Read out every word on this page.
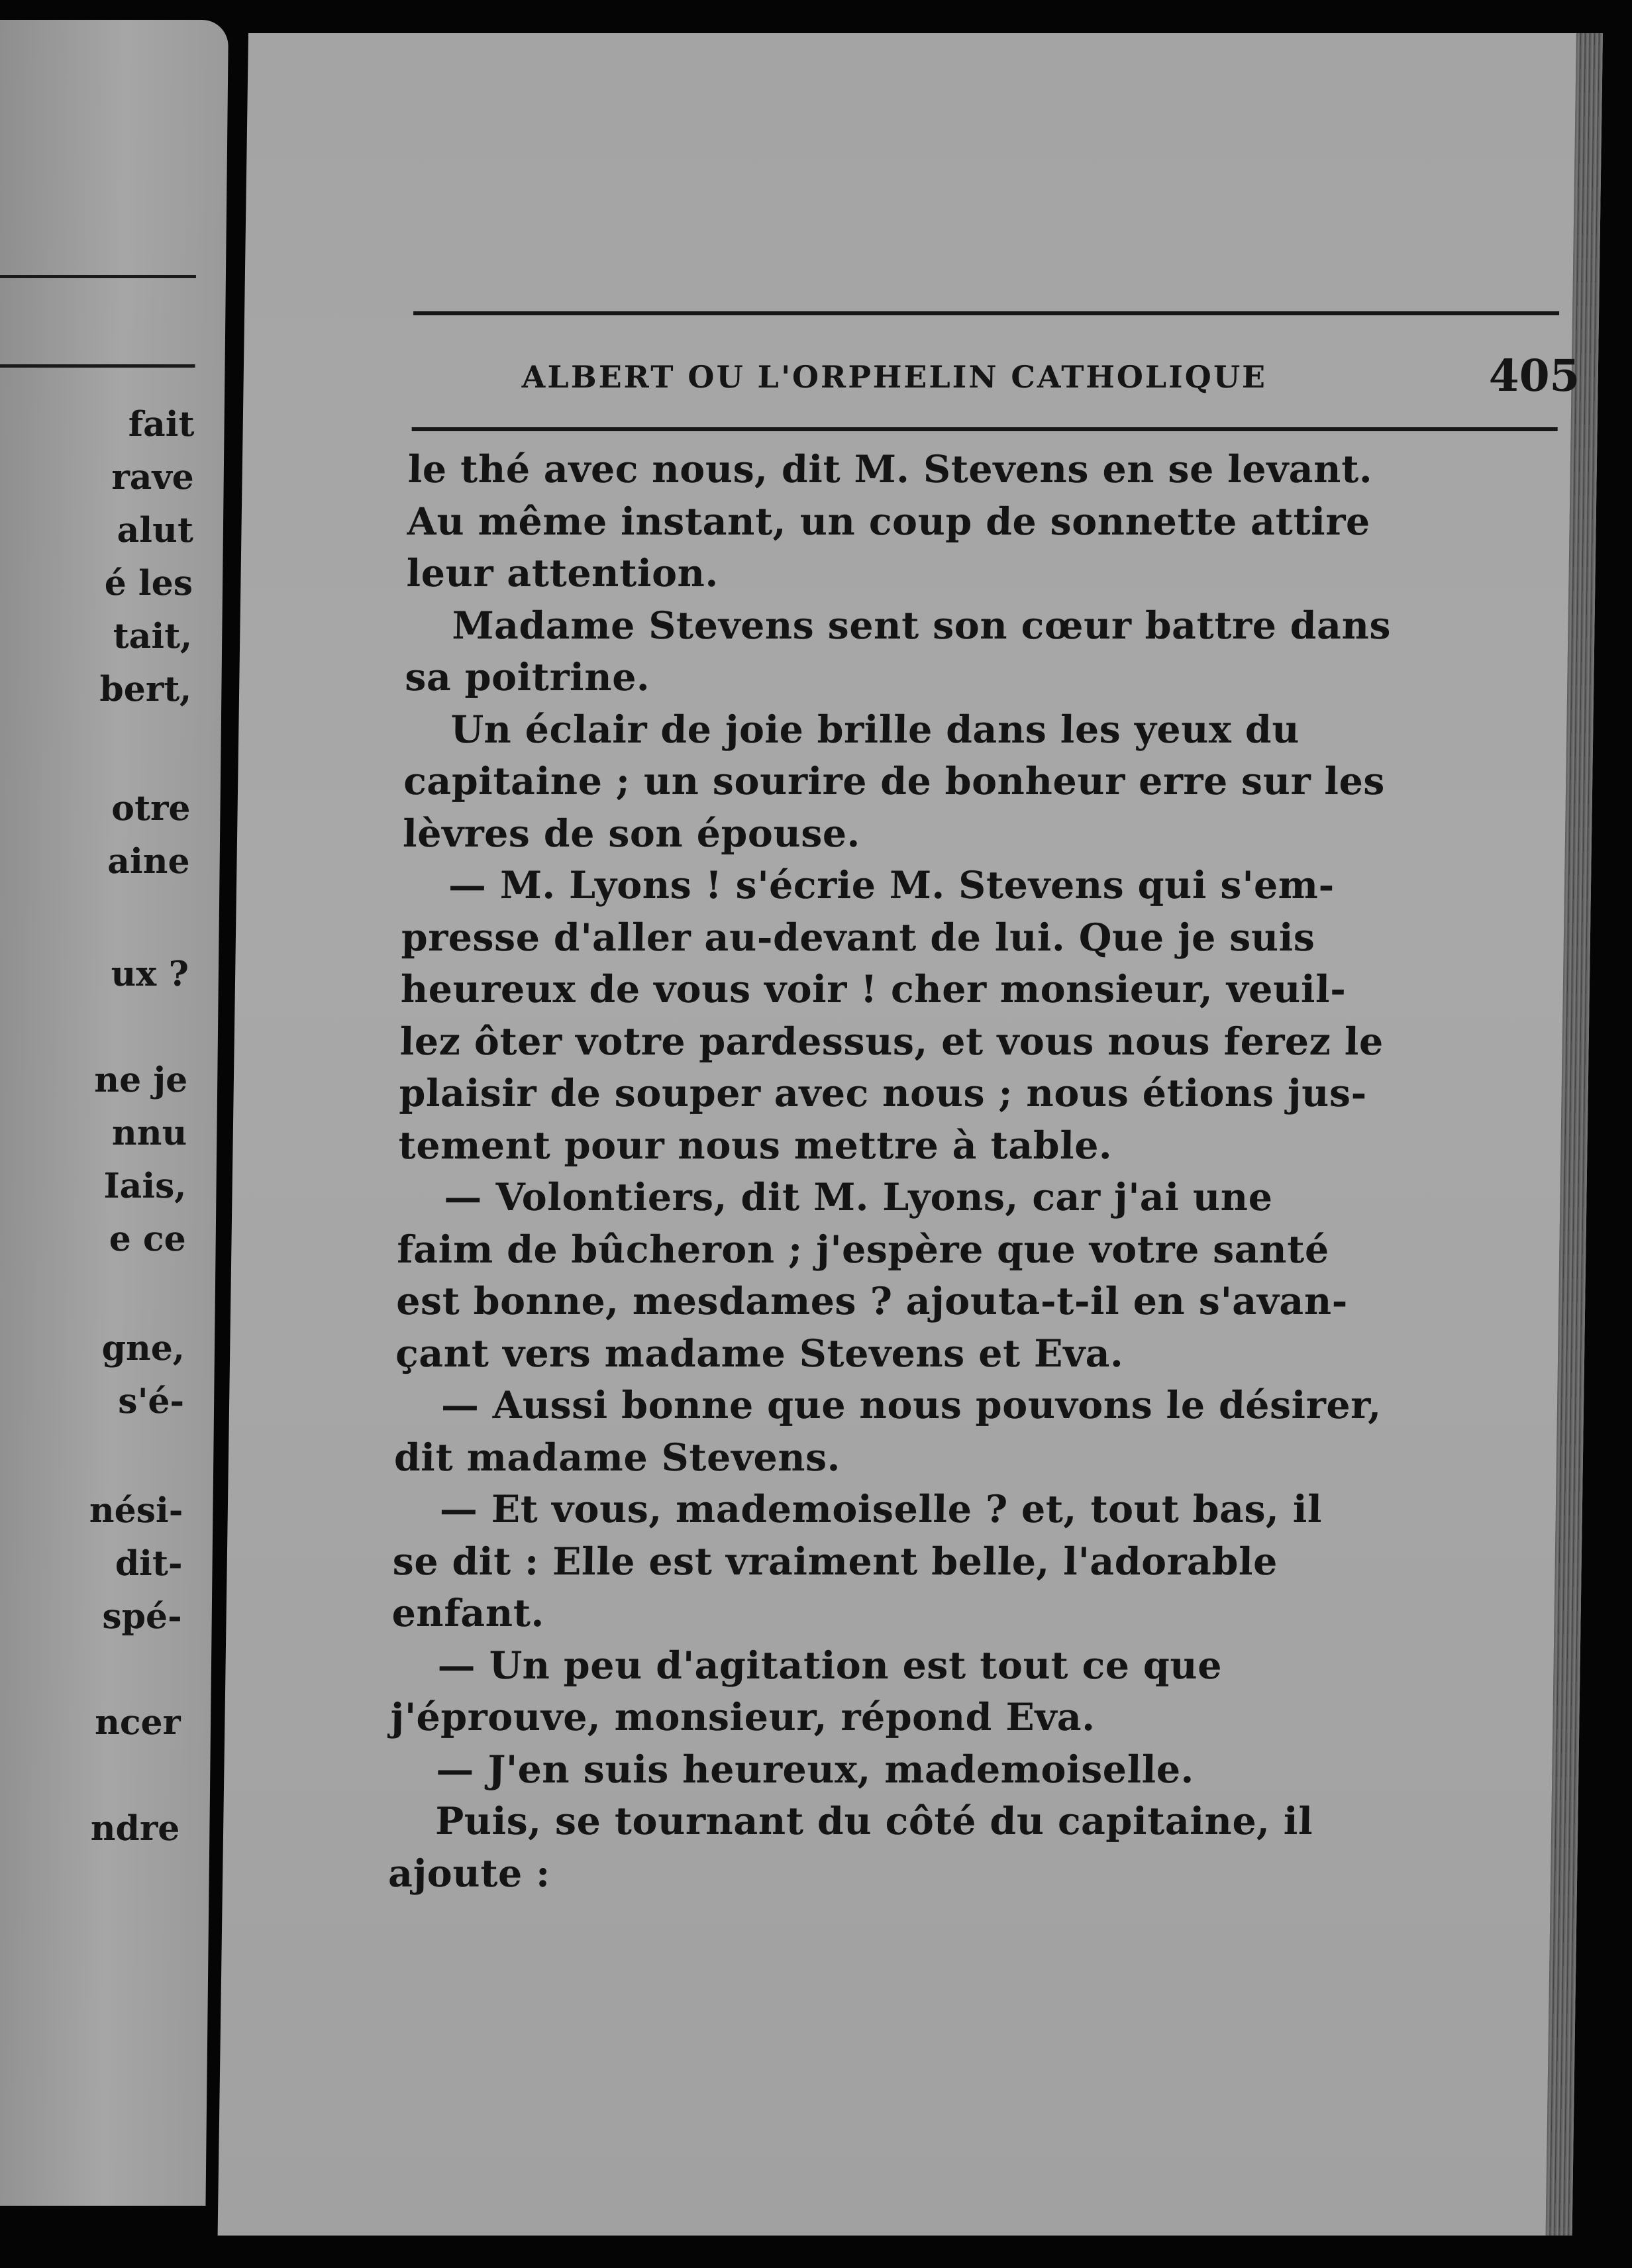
fait
rave
alut
é les
tait,
bert,
otre
aine
ux ?
ne je
nnu
Iais,
e ce
gne,
s'é-
nési-
dit-
spé-
ncer
ndre
ALBERT OU L'ORPHELIN CATHOLIQUE	405
le thé avec nous, dit M. Stevens en se levant.
Au même instant, un coup de sonnette attire
leur attention.
Madame Stevens sent son cœur battre dans
sa poitrine.
Un éclair de joie brille dans les yeux du
capitaine ; un sourire de bonheur erre sur les
lèvres de son épouse.
— M. Lyons ! s'écrie M. Stevens qui s'em-
presse d'aller au-devant de lui. Que je suis
heureux de vous voir ! cher monsieur, veuil-
lez ôter votre pardessus, et vous nous ferez le
plaisir de souper avec nous ; nous étions jus-
tement pour nous mettre à table.
— Volontiers, dit M. Lyons, car j'ai une
faim de bûcheron ; j'espère que votre santé
est bonne, mesdames ? ajouta-t-il en s'avan-
çant vers madame Stevens et Eva.
— Aussi bonne que nous pouvons le désirer,
dit madame Stevens.
— Et vous, mademoiselle ? et, tout bas, il
se dit : Elle est vraiment belle, l'adorable
enfant.
— Un peu d'agitation est tout ce que
j'éprouve, monsieur, répond Eva.
— J'en suis heureux, mademoiselle.
Puis, se tournant du côté du capitaine, il
ajoute :
